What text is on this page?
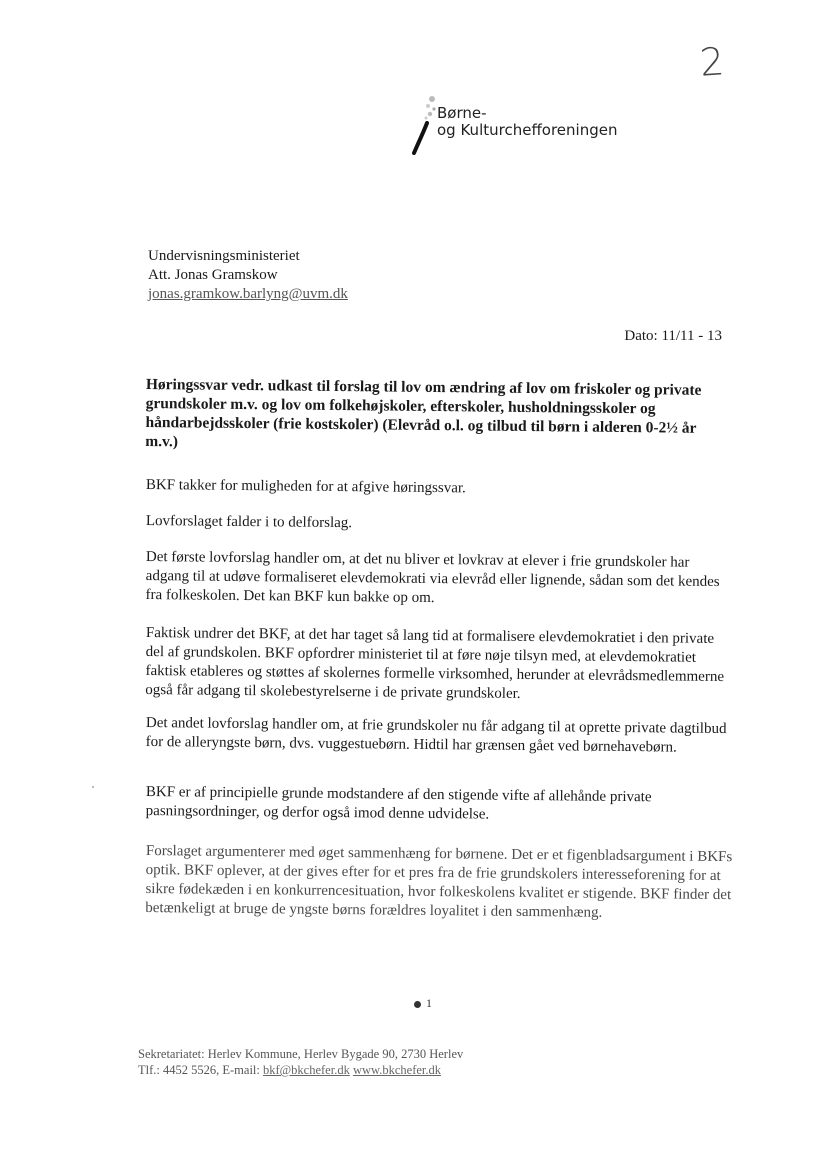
2
Børne-
og Kulturchefforeningen
Undervisningsministeriet
Att. Jonas Gramskow
jonas.gramkow.barlyng@uvm.dk
Dato: 11/11 - 13
Høringssvar vedr. udkast til forslag til lov om ændring af lov om friskoler og private grundskoler m.v. og lov om folkehøjskoler, efterskoler, husholdningsskoler og håndarbejdsskoler (frie kostskoler) (Elevråd o.l. og tilbud til børn i alderen 0-2½ år m.v.)
BKF takker for muligheden for at afgive høringssvar.
Lovforslaget falder i to delforslag.
Det første lovforslag handler om, at det nu bliver et lovkrav at elever i frie grundskoler har adgang til at udøve formaliseret elevdemokrati via elevråd eller lignende, sådan som det kendes fra folkeskolen. Det kan BKF kun bakke op om.
Faktisk undrer det BKF, at det har taget så lang tid at formalisere elevdemokratiet i den private del af grundskolen. BKF opfordrer ministeriet til at føre nøje tilsyn med, at elevdemokratiet faktisk etableres og støttes af skolernes formelle virksomhed, herunder at elevrådsmedlemmerne også får adgang til skolebestyrelserne i de private grundskoler.
Det andet lovforslag handler om, at frie grundskoler nu får adgang til at oprette private dagtilbud for de alleryngste børn, dvs. vuggestuebørn. Hidtil har grænsen gået ved børnehavebørn.
BKF er af principielle grunde modstandere af den stigende vifte af allehånde private pasningsordninger, og derfor også imod denne udvidelse.
Forslaget argumenterer med øget sammenhæng for børnene. Det er et figenbladsargument i BKFs optik. BKF oplever, at der gives efter for et pres fra de frie grundskolers interesseforening for at sikre fødekæden i en konkurrencesituation, hvor folkeskolens kvalitet er stigende. BKF finder det betænkeligt at bruge de yngste børns forældres loyalitet i den sammenhæng.
1
Sekretariatet: Herlev Kommune, Herlev Bygade 90, 2730 Herlev
Tlf.: 4452 5526, E-mail: bkf@bkchefer.dk www.bkchefer.dk
